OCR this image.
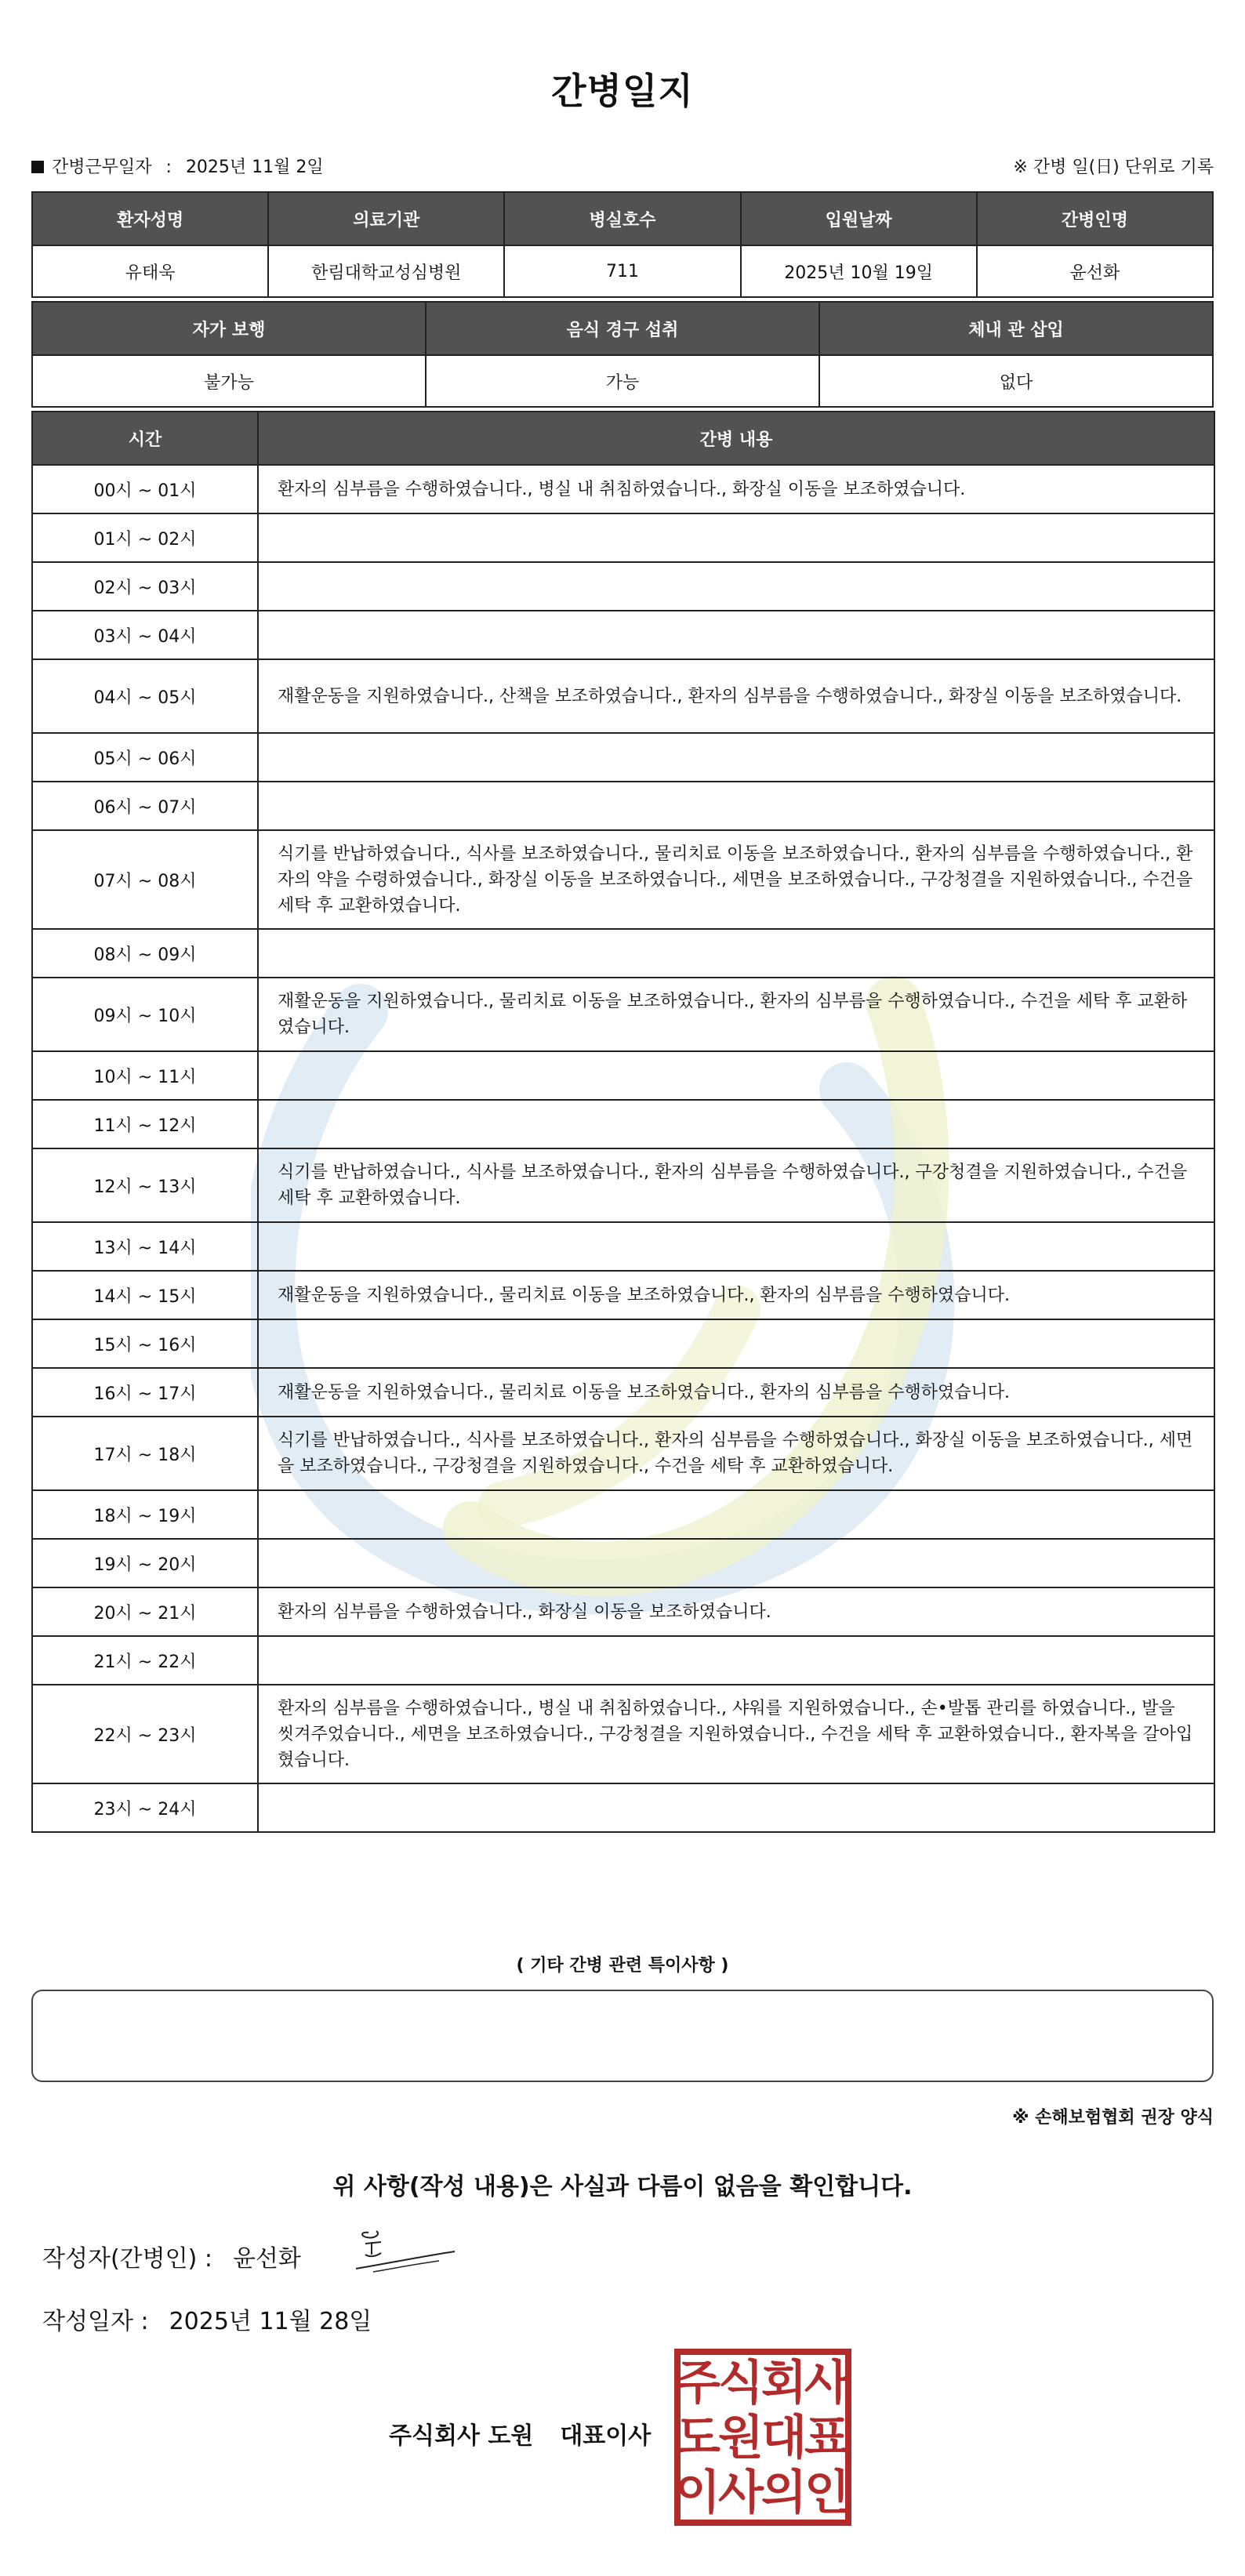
간병일지
간병근무일자 : 2025년 11월 2일	※ 간병 일(日) 단위로 기록
환자성명	의료기관	병실호수	입원날짜	간병인명
유태욱	한림대학교성심병원	711	2025년 10월 19일	윤선화
자가 보행	음식 경구 섭취	체내 관 삽입
불가능	가능	없다
시간	간병 내용
00시 ~ 01시	환자의 심부름을 수행하였습니다., 병실 내 취침하였습니다., 화장실 이동을 보조하였습니다.
01시 ~ 02시	
02시 ~ 03시	
03시 ~ 04시	
04시 ~ 05시	재활운동을 지원하였습니다., 산책을 보조하였습니다., 환자의 심부름을 수행하였습니다., 화장실 이동을 보조하였습니다.
05시 ~ 06시	
06시 ~ 07시	
07시 ~ 08시	식기를 반납하였습니다., 식사를 보조하였습니다., 물리치료 이동을 보조하였습니다., 환자의 심부름을 수행하였습니다., 환자의 약을 수령하였습니다., 화장실 이동을 보조하였습니다., 세면을 보조하였습니다., 구강청결을 지원하였습니다., 수건을 세탁 후 교환하였습니다.
08시 ~ 09시	
09시 ~ 10시	재활운동을 지원하였습니다., 물리치료 이동을 보조하였습니다., 환자의 심부름을 수행하였습니다., 수건을 세탁 후 교환하였습니다.
10시 ~ 11시	
11시 ~ 12시	
12시 ~ 13시	식기를 반납하였습니다., 식사를 보조하였습니다., 환자의 심부름을 수행하였습니다., 구강청결을 지원하였습니다., 수건을 세탁 후 교환하였습니다.
13시 ~ 14시	
14시 ~ 15시	재활운동을 지원하였습니다., 물리치료 이동을 보조하였습니다., 환자의 심부름을 수행하였습니다.
15시 ~ 16시	
16시 ~ 17시	재활운동을 지원하였습니다., 물리치료 이동을 보조하였습니다., 환자의 심부름을 수행하였습니다.
17시 ~ 18시	식기를 반납하였습니다., 식사를 보조하였습니다., 환자의 심부름을 수행하였습니다., 화장실 이동을 보조하였습니다., 세면을 보조하였습니다., 구강청결을 지원하였습니다., 수건을 세탁 후 교환하였습니다.
18시 ~ 19시	
19시 ~ 20시	
20시 ~ 21시	환자의 심부름을 수행하였습니다., 화장실 이동을 보조하였습니다.
21시 ~ 22시	
22시 ~ 23시	환자의 심부름을 수행하였습니다., 병실 내 취침하였습니다., 샤워를 지원하였습니다., 손•발톱 관리를 하였습니다., 발을 씻겨주었습니다., 세면을 보조하였습니다., 구강청결을 지원하였습니다., 수건을 세탁 후 교환하였습니다., 환자복을 갈아입혔습니다.
23시 ~ 24시	
( 기타 간병 관련 특이사항 )
※ 손해보험협회 권장 양식
위 사항(작성 내용)은 사실과 다름이 없음을 확인합니다.
작성자(간병인) : 윤선화
작성일자 : 2025년 11월 28일
주식회사 도원 대표이사
주
식
회
사
도
원
대
표
이
사
의
인
